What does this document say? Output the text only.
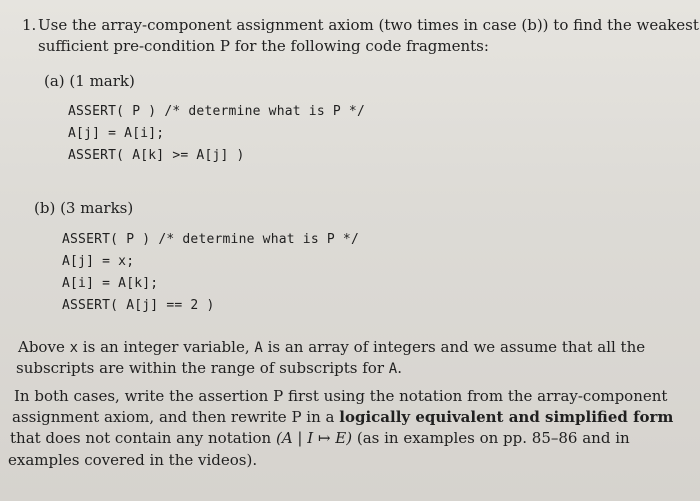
1. Use the array-component assignment axiom (two times in case (b)) to find the weakest
sufficient pre-condition P for the following code fragments:
(a) (1 mark)
ASSERT( P ) /* determine what is P */
A[j] = A[i];
ASSERT( A[k] >= A[j] )
(b) (3 marks)
ASSERT( P ) /* determine what is P */
A[j] = x;
A[i] = A[k];
ASSERT( A[j] == 2 )
Above x is an integer variable, A is an array of integers and we assume that all the
subscripts are within the range of subscripts for A.
In both cases, write the assertion P first using the notation from the array-component
assignment axiom, and then rewrite P in a logically equivalent and simplified form
that does not contain any notation (A | I ↦ E) (as in examples on pp. 85–86 and in
examples covered in the videos).
